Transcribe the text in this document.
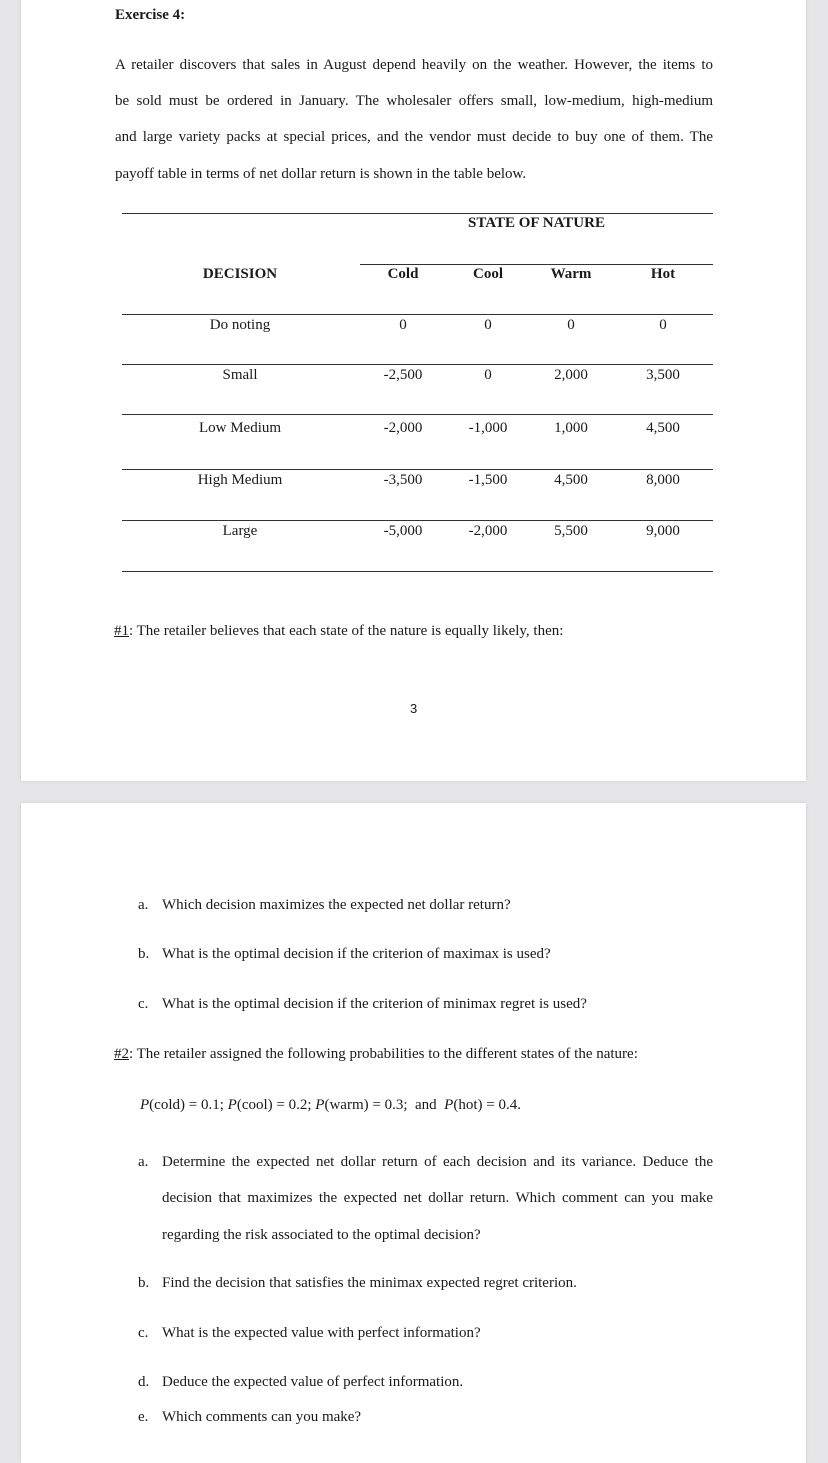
Exercise 4:
A retailer discovers that sales in August depend heavily on the weather. However, the items to
be sold must be ordered in January. The wholesaler offers small, low-medium, high-medium
and large variety packs at special prices, and the vendor must decide to buy one of them. The
payoff table in terms of net dollar return is shown in the table below.
STATE OF NATURE
DECISION	Cold	Cool	Warm	Hot
Do noting	0	0	0	0
Small	-2,500	0	2,000	3,500
Low Medium	-2,000	-1,000	1,000	4,500
High Medium	-3,500	-1,500	4,500	8,000
Large	-5,000	-2,000	5,500	9,000
#1: The retailer believes that each state of the nature is equally likely, then:
3
a. Which decision maximizes the expected net dollar return?
b. What is the optimal decision if the criterion of maximax is used?
c. What is the optimal decision if the criterion of minimax regret is used?
#2: The retailer assigned the following probabilities to the different states of the nature:
P(cold) = 0.1; P(cool) = 0.2; P(warm) = 0.3;  and P(hot) = 0.4.
a. Determine the expected net dollar return of each decision and its variance. Deduce the
decision that maximizes the expected net dollar return. Which comment can you make
regarding the risk associated to the optimal decision?
b. Find the decision that satisfies the minimax expected regret criterion.
c. What is the expected value with perfect information?
d. Deduce the expected value of perfect information.
e. Which comments can you make?
